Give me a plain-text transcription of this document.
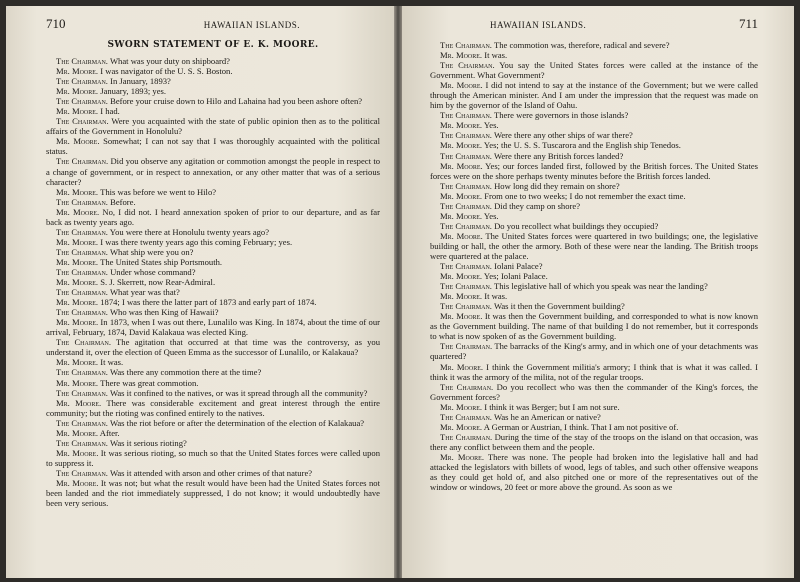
710	HAWAIIAN ISLANDS.
SWORN STATEMENT OF E. K. MOORE.

The Chairman. What was your duty on shipboard?

Mr. Moore. I was navigator of the U. S. S. Boston.

The Chairman. In January, 1893?

Mr. Moore. January, 1893; yes.

The Chairman. Before your cruise down to Hilo and Lahaina had you been ashore often?

Mr. Moore. I had.

The Chairman. Were you acquainted with the state of public opinion then as to the political affairs of the Government in Honolulu?

Mr. Moore. Somewhat; I can not say that I was thoroughly acquainted with the political status.

The Chairman. Did you observe any agitation or commotion amongst the people in respect to a change of government, or in respect to annexation, or any other matter that was of a serious character?

Mr. Moore. This was before we went to Hilo?

The Chairman. Before.

Mr. Moore. No, I did not. I heard annexation spoken of prior to our departure, and as far back as twenty years ago.

The Chairman. You were there at Honolulu twenty years ago?

Mr. Moore. I was there twenty years ago this coming February; yes.

The Chairman. What ship were you on?

Mr. Moore. The United States ship Portsmouth.

The Chairman. Under whose command?

Mr. Moore. S. J. Skerrett, now Rear-Admiral.

The Chairman. What year was that?

Mr. Moore. 1874; I was there the latter part of 1873 and early part of 1874.

The Chairman. Who was then King of Hawaii?

Mr. Moore. In 1873, when I was out there, Lunalilo was King. In 1874, about the time of our arrival, February, 1874, David Kalakaua was elected King.

The Chairman. The agitation that occurred at that time was the controversy, as you understand it, over the election of Queen Emma as the successor of Lunalilo, or Kalakaua?

Mr. Moore. It was.

The Chairman. Was there any commotion there at the time?

Mr. Moore. There was great commotion.

The Chairman. Was it confined to the natives, or was it spread through all the community?

Mr. Moore. There was considerable excitement and great interest through the entire community; but the rioting was confined entirely to the natives.

The Chairman. Was the riot before or after the determination of the election of Kalakaua?

Mr. Moore. After.

The Chairman. Was it serious rioting?

Mr. Moore. It was serious rioting, so much so that the United States forces were called upon to suppress it.

The Chairman. Was it attended with arson and other crimes of that nature?

Mr. Moore. It was not; but what the result would have been had the United States forces not been landed and the riot immediately suppressed, I do not know; it would undoubtedly have been very serious.

HAWAIIAN ISLANDS.	711

The Chairman. The commotion was, therefore, radical and severe?

Mr. Moore. It was.

The Chairman. You say the United States forces were called at the instance of the Government. What Government?

Mr. Moore. I did not intend to say at the instance of the Government; but we were called through the American minister. And I am under the impression that the request was made on him by the governor of the Island of Oahu.

The Chairman. There were governors in those islands?

Mr. Moore. Yes.

The Chairman. Were there any other ships of war there?

Mr. Moore. Yes; the U. S. S. Tuscarora and the English ship Tenedos.

The Chairman. Were there any British forces landed?

Mr. Moore. Yes; our forces landed first, followed by the British forces. The United States forces were on the shore perhaps twenty minutes before the British forces landed.

The Chairman. How long did they remain on shore?

Mr. Moore. From one to two weeks; I do not remember the exact time.

The Chairman. Did they camp on shore?

Mr. Moore. Yes.

The Chairman. Do you recollect what buildings they occupied?

Mr. Moore. The United States forces were quartered in two buildings; one, the legislative building or hall, the other the armory. Both of these were near the landing. The British troops were quartered at the palace.

The Chairman. Iolani Palace?

Mr. Moore. Yes; Iolani Palace.

The Chairman. This legislative hall of which you speak was near the landing?

Mr. Moore. It was.

The Chairman. Was it then the Government building?

Mr. Moore. It was then the Government building, and corresponded to what is now known as the Government building. The name of that building I do not remember, but it corresponds to what is now spoken of as the Government building.

The Chairman. The barracks of the King's army, and in which one of your detachments was quartered?

Mr. Moore. I think the Government militia's armory; I think that is what it was called. I think it was the armory of the milita, not of the regular troops.

The Chairman. Do you recollect who was then the commander of the King's forces, the Government forces?

Mr. Moore. I think it was Berger; but I am not sure.

The Chairman. Was he an American or native?

Mr. Moore. A German or Austrian, I think. That I am not positive of.

The Chairman. During the time of the stay of the troops on the island on that occasion, was there any conflict between them and the people.

Mr. Moore. There was none. The people had broken into the legislative hall and had attacked the legislators with billets of wood, legs of tables, and such other offensive weapons as they could get hold of, and also pitched one or more of the representatives out of the window or windows, 20 feet or more above the ground. As soon as we
